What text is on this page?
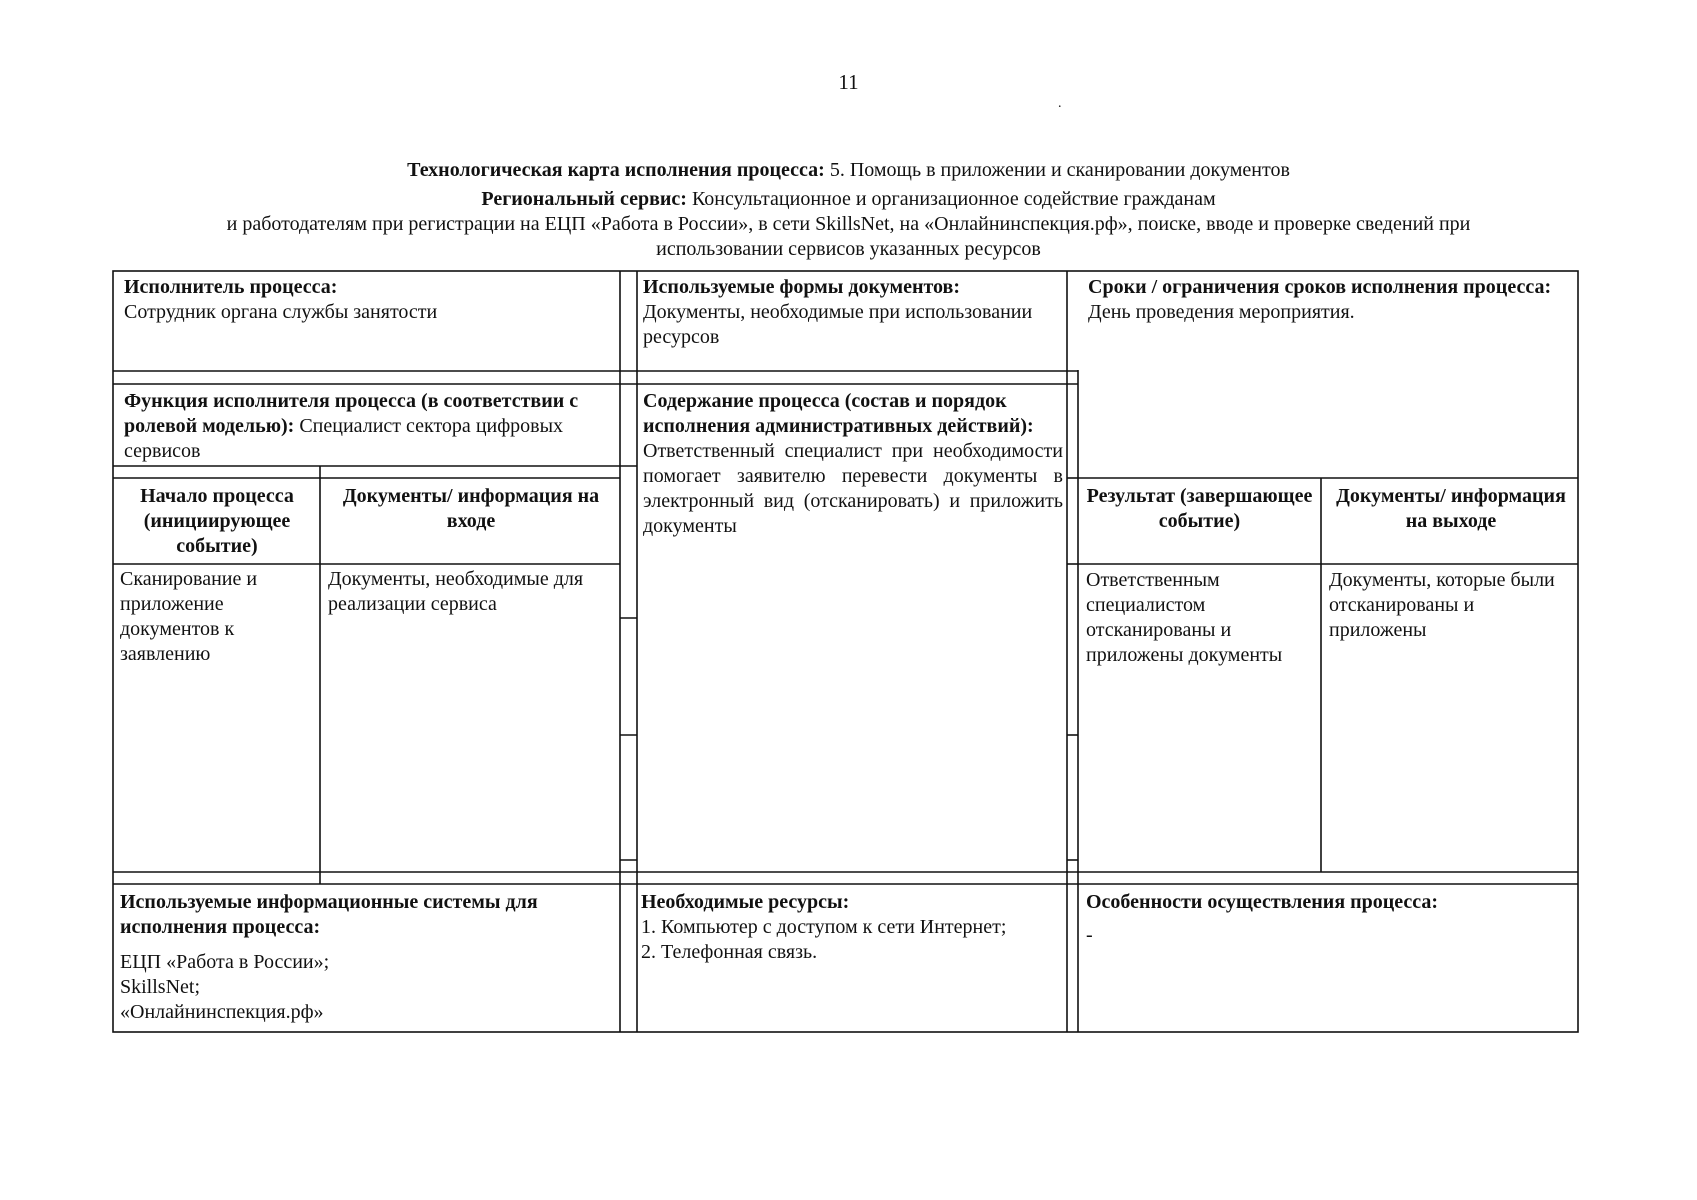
11
.
Технологическая карта исполнения процесса: 5. Помощь в приложении и сканировании документов
Региональный сервис: Консультационное и организационное содействие гражданам
и работодателям при регистрации на ЕЦП «Работа в России», в сети SkillsNet, на «Онлайнинспекция.рф», поиске, вводе и проверке сведений при
использовании сервисов указанных ресурсов
Исполнитель процесса:
Сотрудник органа службы занятости
Используемые формы документов:
Документы, необходимые при использовании ресурсов
Сроки / ограничения сроков исполнения процесса:
День проведения мероприятия.
Функция исполнителя процесса (в соответствии с ролевой моделью): Специалист сектора цифровых сервисов
Содержание процесса (состав и порядок исполнения административных действий):
Ответственный специалист при необходимости помогает заявителю перевести документы в электронный вид (отсканировать) и приложить документы
Начало процесса (инициирующее событие)
Документы/ информация на входе
Результат (завершающее событие)
Документы/ информация на выходе
Сканирование и приложение документов к заявлению
Документы, необходимые для реализации сервиса
Ответственным специалистом отсканированы и приложены документы
Документы, которые были отсканированы и приложены
Используемые информационные системы для исполнения процесса:
ЕЦП «Работа в России»;
SkillsNet;
«Онлайнинспекция.рф»
Необходимые ресурсы:
1. Компьютер с доступом к сети Интернет;
2. Телефонная связь.
Особенности осуществления процесса:
-
